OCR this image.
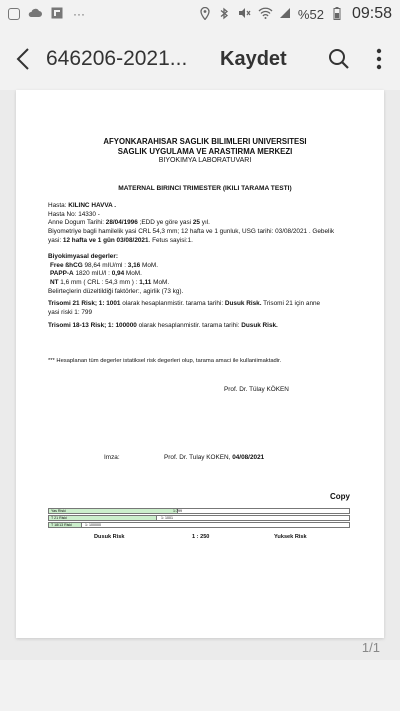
···	%52 09:58
646206-2021...	Kaydet
AFYONKARAHISAR SAGLIK BILIMLERI UNIVERSITESI
SAGLIK UYGULAMA VE ARASTIRMA MERKEZI
BIYOKIMYA LABORATUVARI
MATERNAL BIRINCI TRIMESTER (IKILI TARAMA TESTI)
Hasta: KILINC HAVVA .
Hasta No: 14330 -
Anne Dogum Tarihi: 28/04/1996 ;EDD ye göre yasi 25 yıl.
Biyometriye bagli hamilelik yasi CRL 54,3 mm; 12 hafta ve 1 gunluk, USG tarihi: 03/08/2021 . Gebelik
yasi: 12 hafta ve 1 gün 03/08/2021. Fetus sayisi:1.
Biyokimyasal degerler:
Free ßhCG 98,64 mIU/ml : 3,16 MoM.
PAPP-A 1820 mIU/l : 0,94 MoM.
NT 1,6 mm ( CRL : 54,3 mm ) : 1,11 MoM.
Belirteçlerin düzeltildiği faktörler:, agirlik (73 kg).
Trisomi 21 Risk; 1: 1001 olarak hesaplanmistir. tarama tarihi: Dusuk Risk. Trisomi 21 için anne
yasi riski 1: 799
Trisomi 18-13 Risk; 1: 100000 olarak hesaplanmistir. tarama tarihi: Dusuk Risk.
*** Hesaplanan tüm degerler istatiksel risk degerleri olup, tarama amaci ile kullaniimaktadir.
Prof. Dr. Tülay KÖKEN
Imza:	Prof. Dr. Tulay KOKEN, 04/08/2021
Copy
Yas Riski	1:799
T 21 Riski	1: 1001
T 18/13 Riski	1: 100000
Dusuk Risk	1 : 250	Yuksek Risk
1/1
